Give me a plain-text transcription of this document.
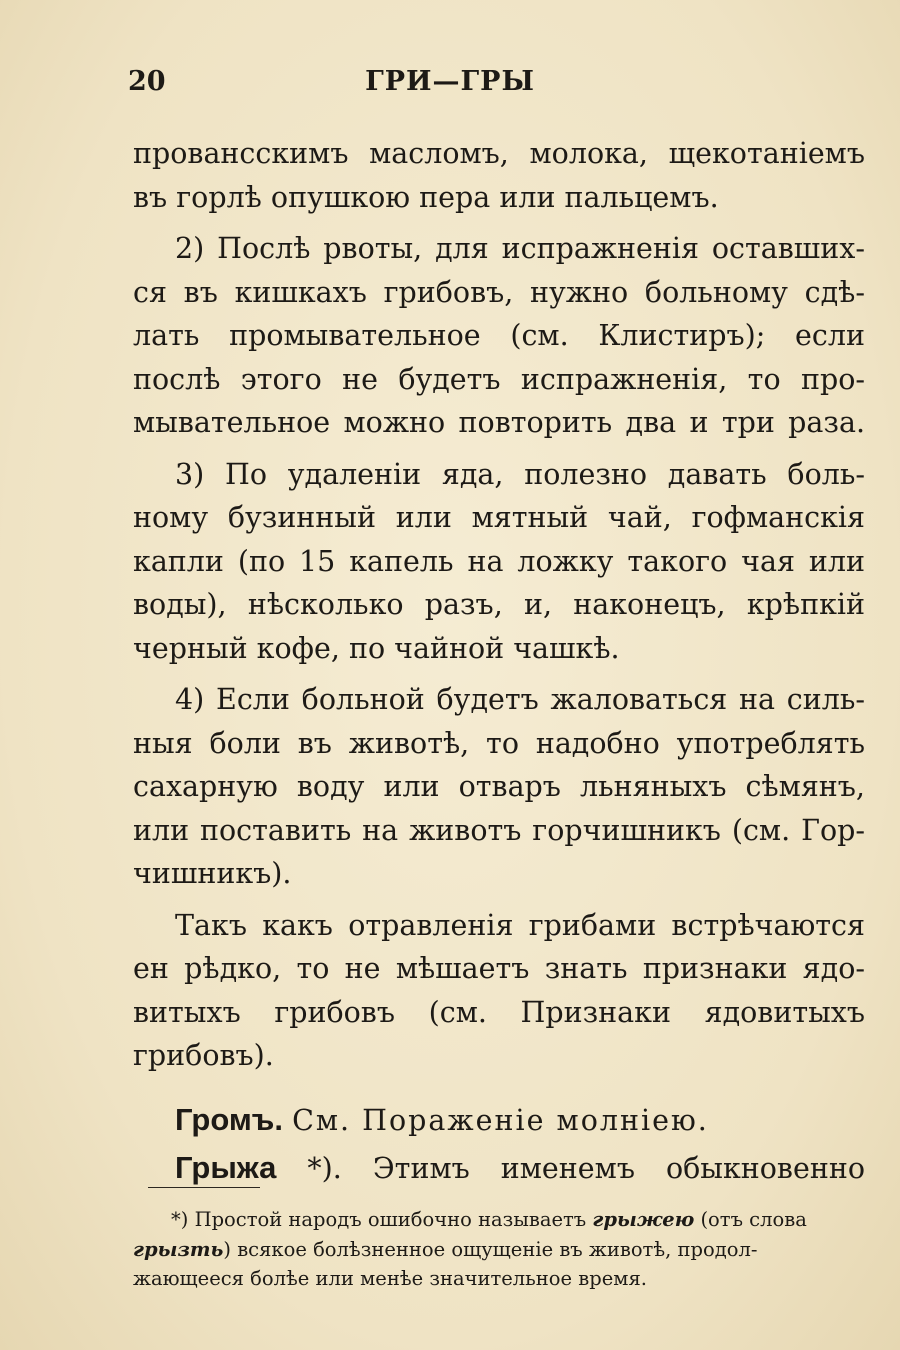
20	ГРИ—ГРЫ
провансскимъ масломъ, молока, щекотаніемъ
въ горлѣ опушкою пера или пальцемъ.
2) Послѣ рвоты, для испражненія оставших-
ся въ кишкахъ грибовъ, нужно больному сдѣ-
лать промывательное (см. Клистиръ); если
послѣ этого не будетъ испражненія, то про-
мывательное можно повторить два и три раза.
3) По удаленіи яда, полезно давать боль-
ному бузинный или мятный чай, гофманскія
капли (по 15 капель на ложку такого чая или
воды), нѣсколько разъ, и, наконецъ, крѣпкій
черный кофе, по чайной чашкѣ.
4) Если больной будетъ жаловаться на силь-
ныя боли въ животѣ, то надобно употреблять
сахарную воду или отваръ льняныхъ сѣмянъ,
или поставить на животъ горчишникъ (см. Гор-
чишникъ).
Такъ какъ отравленія грибами встрѣчаются
ен рѣдко, то не мѣшаетъ знать признаки ядо-
витыхъ грибовъ (см. Признаки ядовитыхъ
грибовъ).
Громъ. См. Пораженіе молніею.
Грыжа *). Этимъ именемъ обыкновенно
*) Простой народъ ошибочно называетъ грыжею (отъ слова
грызть) всякое болѣзненное ощущеніе въ животѣ, продол-
жающееся болѣе или менѣе значительное время.
